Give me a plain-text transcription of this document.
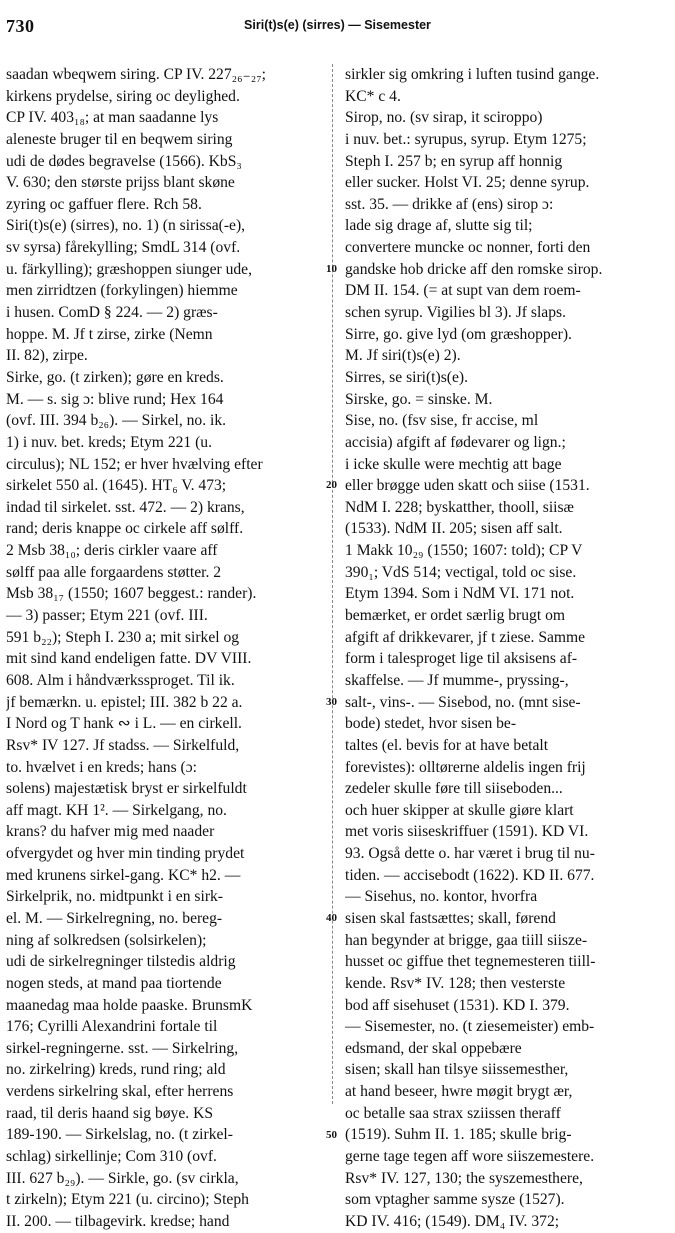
730	Siri(t)s(e) (sirres) — Sisemester
saadan wbeqwem siring. CP IV. 227₂₆₋₂₇;
kirkens prydelse, siring oc deylighed.
CP IV. 403₁₈; at man saadanne lys
aleneste bruger til en beqwem siring
udi de dødes begravelse (1566). KbS₃
V. 630; den største prijss blant skøne
zyring oc gaffuer flere. Rch 58.
Siri(t)s(e) (sirres), no. 1) (n sirissa(-e),
sv syrsa) fårekylling; SmdL 314 (ovf.
u. färkylling); græshoppen siunger ude,
men zirridtzen (forkylingen) hiemme
i husen. ComD § 224. — 2) græs-
hoppe. M. Jf t zirse, zirke (Nemn
II. 82), zirpe.
Sirke, go. (t zirken); gøre en kreds.
M. — s. sig ɔ: blive rund; Hex 164
(ovf. III. 394 b₂₆). — Sirkel, no. ik.
1) i nuv. bet. kreds; Etym 221 (u.
circulus); NL 152; er hver hvælving efter
sirkelet 550 al. (1645). HT₆ V. 473;
indad til sirkelet. sst. 472. — 2) krans,
rand; deris knappe oc cirkele aff sølff.
2 Msb 38₁₀; deris cirkler vaare aff
sølff paa alle forgaardens støtter. 2
Msb 38₁₇ (1550; 1607 beggest.: rander).
— 3) passer; Etym 221 (ovf. III.
591 b₂₂); Steph I. 230 a; mit sirkel og
mit sind kand endeligen fatte. DV VIII.
608. Alm i håndværkssproget. Til ik.
jf bemærkn. u. epistel; III. 382 b 22 a.
I Nord og T hank ∾ i L. — en cirkell.
Rsv* IV 127. Jf stadss. — Sirkelfuld,
to. hvælvet i en kreds; hans (ɔ:
solens) majestætisk bryst er sirkelfuldt
aff magt. KH 1². — Sirkelgang, no.
krans? du hafver mig med naader
ofvergydet og hver min tinding prydet
med krunens sirkel-gang. KC* h2. —
Sirkelprik, no. midtpunkt i en sirk-
el. M. — Sirkelregning, no. bereg-
ning af solkredsen (solsirkelen);
udi de sirkelregninger tilstedis aldrig
nogen steds, at mand paa tiortende
maanedag maa holde paaske. BrunsmK
176; Cyrilli Alexandrini fortale til
sirkel-regningerne. sst. — Sirkelring,
no. zirkelring) kreds, rund ring; ald
verdens sirkelring skal, efter herrens
raad, til deris haand sig bøye. KS
189-190. — Sirkelslag, no. (t zirkel-
schlag) sirkellinje; Com 310 (ovf.
III. 627 b₂₉). — Sirkle, go. (sv cirkla,
t zirkeln); Etym 221 (u. circino); Steph
II. 200. — tilbagevirk. kredse; hand
10
20
30
40
50
sirkler sig omkring i luften tusind gange.
KC* c 4.
Sirop, no. (sv sirap, it sciroppo)
i nuv. bet.: syrupus, syrup. Etym 1275;
Steph I. 257 b; en syrup aff honnig
eller sucker. Holst VI. 25; denne syrup.
sst. 35. — drikke af (ens) sirop ɔ:
lade sig drage af, slutte sig til;
convertere muncke oc nonner, forti den
gandske hob dricke aff den romske sirop.
DM II. 154. (= at supt van dem roem-
schen syrup. Vigilies bl 3). Jf slaps.
Sirre, go. give lyd (om græshopper).
M. Jf siri(t)s(e) 2).
Sirres, se siri(t)s(e).
Sirske, go. = sinske. M.
Sise, no. (fsv sise, fr accise, ml
accisia) afgift af fødevarer og lign.;
i icke skulle were mechtig att bage
eller brøgge uden skatt och siise (1531.
NdM I. 228; byskatther, thooll, siisæ
(1533). NdM II. 205; sisen aff salt.
1 Makk 10₂₉ (1550; 1607: told); CP V
390₁; VdS 514; vectigal, told oc sise.
Etym 1394. Som i NdM VI. 171 not.
bemærket, er ordet særlig brugt om
afgift af drikkevarer, jf t ziese. Samme
form i talesproget lige til aksisens af-
skaffelse. — Jf mumme-, pryssing-,
salt-, vins-. — Sisebod, no. (mnt sise-
bode) stedet, hvor sisen be-
taltes (el. bevis for at have betalt
forevistes): olltørerne aldelis ingen frij
zedeler skulle føre till siiseboden...
och huer skipper at skulle giøre klart
met voris siiseskriffuer (1591). KD VI.
93. Også dette o. har været i brug til nu-
tiden. — accisebodt (1622). KD II. 677.
— Sisehus, no. kontor, hvorfra
sisen skal fastsættes; skall, førend
han begynder at brigge, gaa tiill siisze-
husset oc giffue thet tegnemesteren tiill-
kende. Rsv* IV. 128; then vesterste
bod aff sisehuset (1531). KD I. 379.
— Sisemester, no. (t ziesemeister) emb-
edsmand, der skal oppebære
sisen; skall han tilsye siissemesther,
at hand beseer, hwre møgit brygt ær,
oc betalle saa strax sziissen theraff
(1519). Suhm II. 1. 185; skulle brig-
gerne tage tegen aff wore siiszemestere.
Rsv* IV. 127, 130; the syszemesthere,
som vptagher samme sysze (1527).
KD IV. 416; (1549). DM₄ IV. 372;
